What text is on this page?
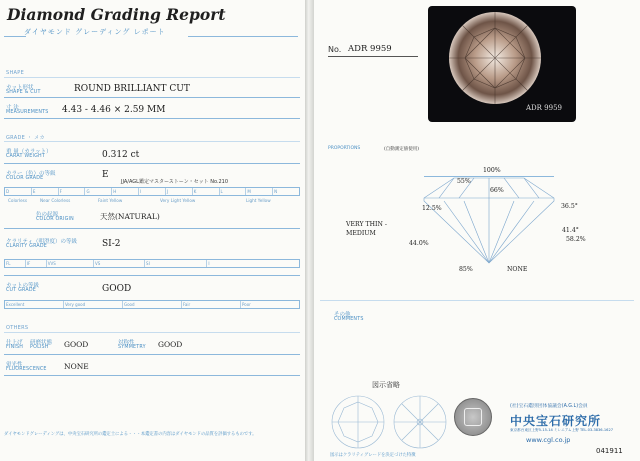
Diamond Grading Report
ダイヤモンド グレーディング レポート
SHAPE
カット形状
SHAPE & CUT	ROUND BRILLIANT CUT
寸 法
MEASUREMENTS 4.43 - 4.46 × 2.59 MM
GRADE ・ メカ
重 量（カラット）
CARAT WEIGHT	0.312 ct
カラー（色）の等級
COLOR GRADE	E
JJA/AGL鑑定マスターストーン・セット No.210
D	E	F	G	H	I	J	K	L	M	N
Colorless	Near Colorless	Faint Yellow	Very Light Yellow	Light Yellow
色の起源
COLOR ORIGIN	天然(NATURAL)
クラリティ（明澄度）の等級
CLARITY GRADE	SI-2
FL	IF	VVS	VS	SI	I
カットの等級
CUT GRADE	GOOD
Excellent	Very good	Good	Fair	Poor
OTHERS
仕上げ
FINISH
研磨状態
POLISH GOOD	対称性
SYMMETRY GOOD
蛍光性
FLUORESCENCE NONE
ダイヤモンドグレーディングは、中央宝石研究所の鑑定士による・・・本鑑定書の内容はダイヤモンドの品質を評価するものです。
No. ADR 9959
ADR 9959
PROPORTIONS	(自動測定値使用)
100%
55%
66%
12.5%	36.5°
VERY THIN - MEDIUM	41.4°
44.0%
58.2%
85%	NONE
その他
COMMENTS
図示省略
図示はクラリティグレードを決定づけた特徴
(社)宝石鑑別団体協議会(A.G.L)会員
中央宝石研究所
東京都台東区上野5-15-14 ミレニアム上野 TEL.03-3836-1627
www.cgl.co.jp
041911
